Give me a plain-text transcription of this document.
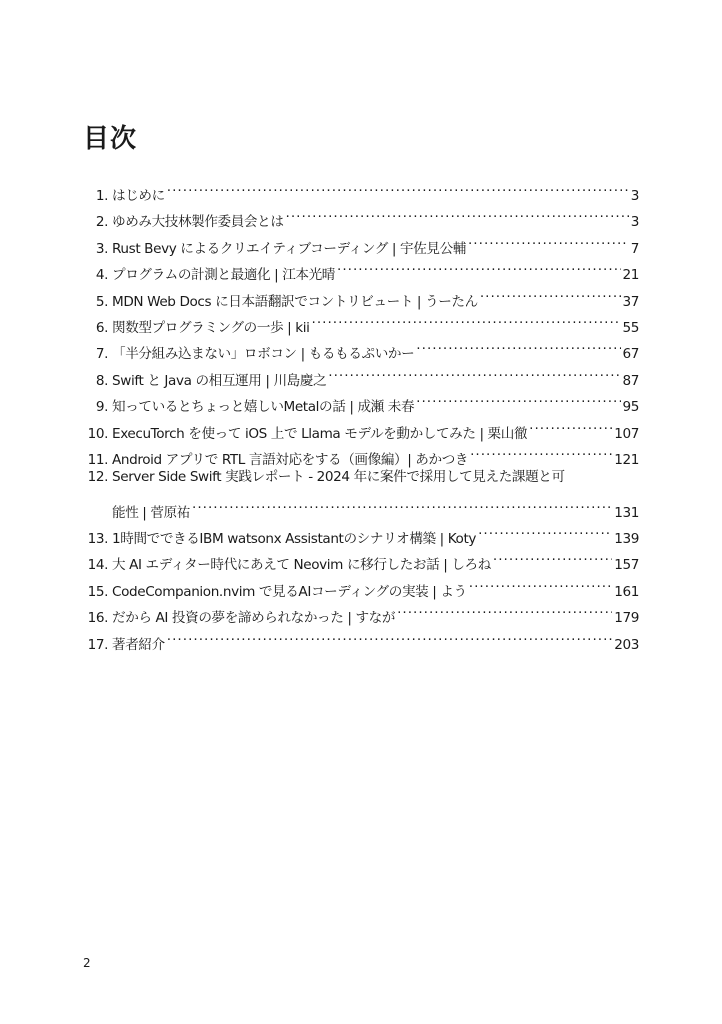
目次
1. はじめに .....	3
2. ゆめみ大技林製作委員会とは .....	3
3. Rust Bevy によるクリエイティブコーディング | 宇佐見公輔 .....	7
4. プログラムの計測と最適化 | 江本光晴 .....	21
5. MDN Web Docs に日本語翻訳でコントリビュート | うーたん .....	37
6. 関数型プログラミングの一歩 | kii .....	55
7. 「半分組み込まない」ロボコン | もるもるぷいかー .....	67
8. Swift と Java の相互運用 | 川島慶之 .....	87
9. 知っているとちょっと嬉しいMetalの話 | 成瀬 未春 .....	95
10. ExecuTorch を使って iOS 上で Llama モデルを動かしてみた | 栗山徹 .....	107
11. Android アプリで RTL 言語対応をする（画像編）| あかつき .....	121
12. Server Side Swift 実践レポート - 2024 年に案件で採用して見えた課題と可
能性 | 菅原祐 .....	131
13. 1時間でできるIBM watsonx Assistantのシナリオ構築 | Koty .....	139
14. 大 AI エディター時代にあえて Neovim に移行したお話 | しろね .....	157
15. CodeCompanion.nvim で見るAIコーディングの実装 | よう .....	161
16. だから AI 投資の夢を諦められなかった | すなが .....	179
17. 著者紹介 .....	203
2
